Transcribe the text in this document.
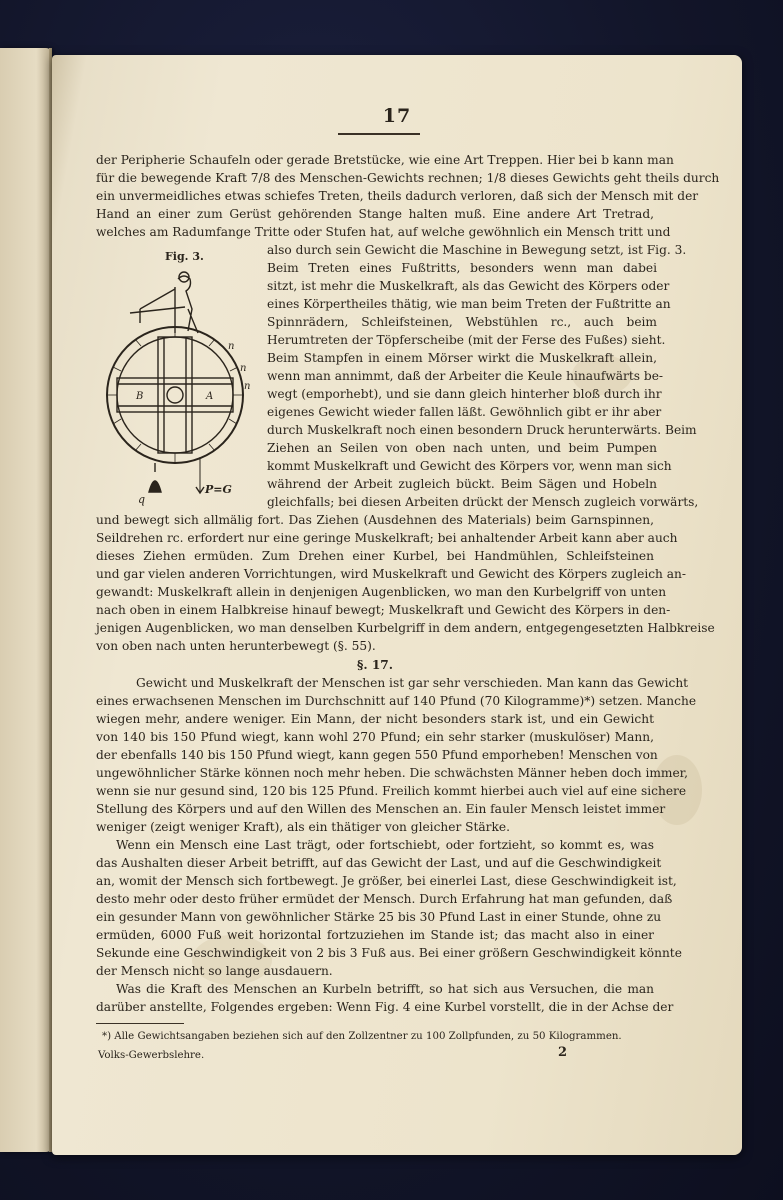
17
der Peripherie Schaufeln oder gerade Bretstücke, wie eine Art Treppen. Hier bei b kann man
für die bewegende Kraft 7/8 des Menschen-Gewichts rechnen; 1/8 dieses Gewichts geht theils durch
ein unvermeidliches etwas schiefes Treten, theils dadurch verloren, daß sich der Mensch mit der
Hand an einer zum Gerüst gehörenden Stange halten muß. Eine andere Art Tretrad,
welches am Radumfange Tritte oder Stufen hat, auf welche gewöhnlich ein Mensch tritt und
Fig. 3.
B	A
n
n
n
P=G
q
also durch sein Gewicht die Maschine in Bewegung setzt, ist Fig. 3.
Beim Treten eines Fußtritts, besonders wenn man dabei
sitzt, ist mehr die Muskelkraft, als das Gewicht des Körpers oder
eines Körpertheiles thätig, wie man beim Treten der Fußtritte an
Spinnrädern, Schleifsteinen, Webstühlen rc., auch beim
Herumtreten der Töpferscheibe (mit der Ferse des Fußes) sieht.
Beim Stampfen in einem Mörser wirkt die Muskelkraft allein,
wenn man annimmt, daß der Arbeiter die Keule hinaufwärts be-
wegt (emporhebt), und sie dann gleich hinterher bloß durch ihr
eigenes Gewicht wieder fallen läßt. Gewöhnlich gibt er ihr aber
durch Muskelkraft noch einen besondern Druck herunterwärts. Beim
Ziehen an Seilen von oben nach unten, und beim Pumpen
kommt Muskelkraft und Gewicht des Körpers vor, wenn man sich
während der Arbeit zugleich bückt. Beim Sägen und Hobeln
gleichfalls; bei diesen Arbeiten drückt der Mensch zugleich vorwärts,
und bewegt sich allmälig fort. Das Ziehen (Ausdehnen des Materials) beim Garnspinnen,
Seildrehen rc. erfordert nur eine geringe Muskelkraft; bei anhaltender Arbeit kann aber auch
dieses Ziehen ermüden. Zum Drehen einer Kurbel, bei Handmühlen, Schleifsteinen
und gar vielen anderen Vorrichtungen, wird Muskelkraft und Gewicht des Körpers zugleich an-
gewandt: Muskelkraft allein in denjenigen Augenblicken, wo man den Kurbelgriff von unten
nach oben in einem Halbkreise hinauf bewegt; Muskelkraft und Gewicht des Körpers in den-
jenigen Augenblicken, wo man denselben Kurbelgriff in dem andern, entgegengesetzten Halbkreise
von oben nach unten herunterbewegt (§. 55).
§. 17.
Gewicht und Muskelkraft der Menschen ist gar sehr verschieden. Man kann das Gewicht
eines erwachsenen Menschen im Durchschnitt auf 140 Pfund (70 Kilogramme)*) setzen. Manche
wiegen mehr, andere weniger. Ein Mann, der nicht besonders stark ist, und ein Gewicht
von 140 bis 150 Pfund wiegt, kann wohl 270 Pfund; ein sehr starker (muskulöser) Mann,
der ebenfalls 140 bis 150 Pfund wiegt, kann gegen 550 Pfund emporheben! Menschen von
ungewöhnlicher Stärke können noch mehr heben. Die schwächsten Männer heben doch immer,
wenn sie nur gesund sind, 120 bis 125 Pfund. Freilich kommt hierbei auch viel auf eine sichere
Stellung des Körpers und auf den Willen des Menschen an. Ein fauler Mensch leistet immer
weniger (zeigt weniger Kraft), als ein thätiger von gleicher Stärke.
Wenn ein Mensch eine Last trägt, oder fortschiebt, oder fortzieht, so kommt es, was
das Aushalten dieser Arbeit betrifft, auf das Gewicht der Last, und auf die Geschwindigkeit
an, womit der Mensch sich fortbewegt. Je größer, bei einerlei Last, diese Geschwindigkeit ist,
desto mehr oder desto früher ermüdet der Mensch. Durch Erfahrung hat man gefunden, daß
ein gesunder Mann von gewöhnlicher Stärke 25 bis 30 Pfund Last in einer Stunde, ohne zu
ermüden, 6000 Fuß weit horizontal fortzuziehen im Stande ist; das macht also in einer
Sekunde eine Geschwindigkeit von 2 bis 3 Fuß aus. Bei einer größern Geschwindigkeit könnte
der Mensch nicht so lange ausdauern.
Was die Kraft des Menschen an Kurbeln betrifft, so hat sich aus Versuchen, die man
darüber anstellte, Folgendes ergeben: Wenn Fig. 4 eine Kurbel vorstellt, die in der Achse der
*) Alle Gewichtsangaben beziehen sich auf den Zollzentner zu 100 Zollpfunden, zu 50 Kilogrammen.
Volks-Gewerbslehre.	2
